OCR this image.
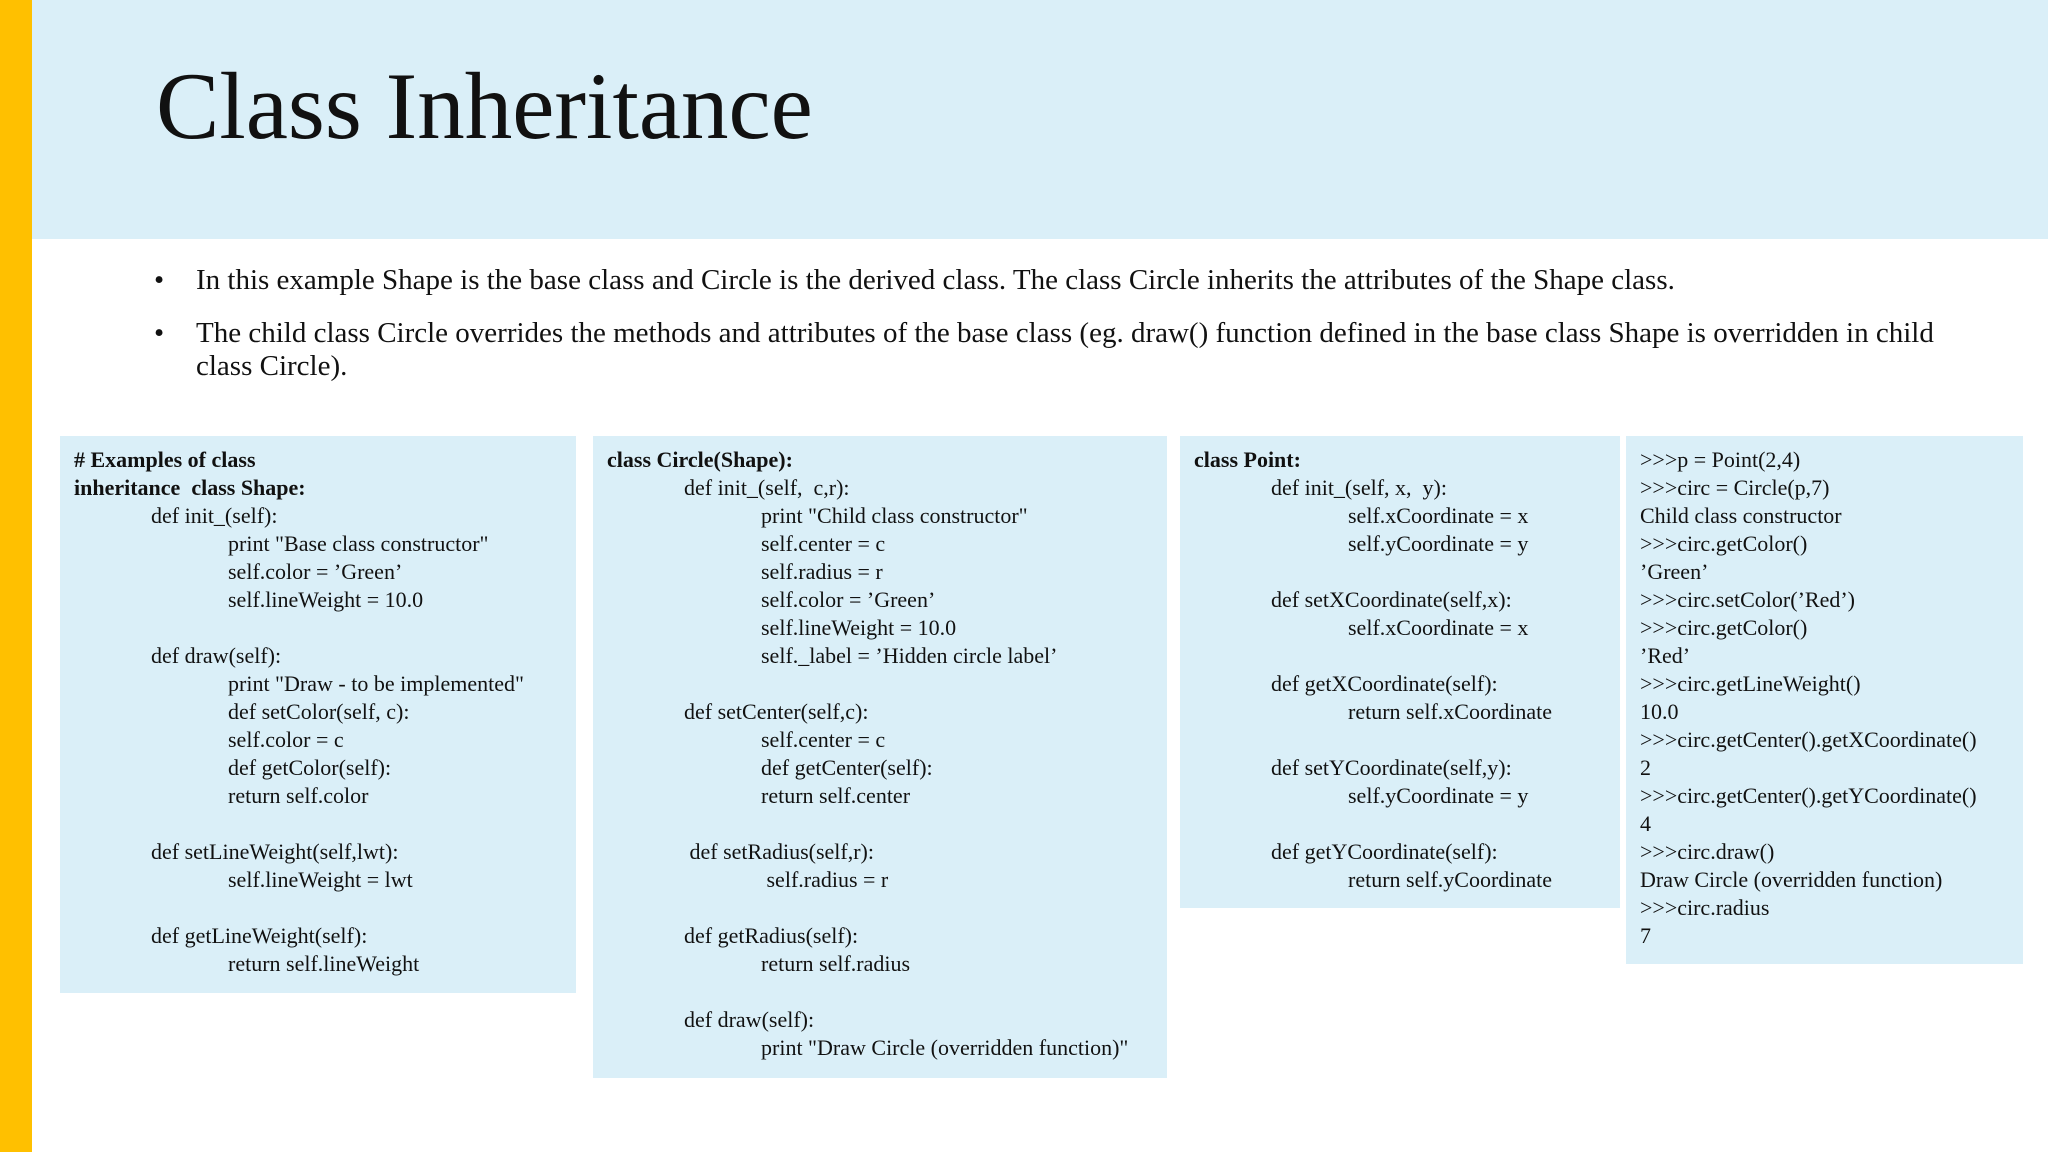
Class Inheritance
• In this example Shape is the base class and Circle is the derived class. The class Circle inherits the attributes of the Shape class.
• The child class Circle overrides the methods and attributes of the base class (eg. draw() function defined in the base class Shape is overridden in child class Circle).
# Examples of class
inheritance  class Shape:
def init_(self):
print "Base class constructor"
self.color = ’Green’
self.lineWeight = 10.0
def draw(self):
print "Draw - to be implemented"
def setColor(self, c):
self.color = c
def getColor(self):
return self.color
def setLineWeight(self,lwt):
self.lineWeight = lwt
def getLineWeight(self):
return self.lineWeight
class Circle(Shape):
def init_(self,  c,r):
print "Child class constructor"
self.center = c
self.radius = r
self.color = ’Green’
self.lineWeight = 10.0
self._label = ’Hidden circle label’
def setCenter(self,c):
self.center = c
def getCenter(self):
return self.center
def setRadius(self,r):
self.radius = r
def getRadius(self):
return self.radius
def draw(self):
print "Draw Circle (overridden function)"
class Point:
def init_(self, x,  y):
self.xCoordinate = x
self.yCoordinate = y
def setXCoordinate(self,x):
self.xCoordinate = x
def getXCoordinate(self):
return self.xCoordinate
def setYCoordinate(self,y):
self.yCoordinate = y
def getYCoordinate(self):
return self.yCoordinate
>>>p = Point(2,4)
>>>circ = Circle(p,7)
Child class constructor
>>>circ.getColor()
’Green’
>>>circ.setColor(’Red’)
>>>circ.getColor()
’Red’
>>>circ.getLineWeight()
10.0
>>>circ.getCenter().getXCoordinate()
2
>>>circ.getCenter().getYCoordinate()
4
>>>circ.draw()
Draw Circle (overridden function)
>>>circ.radius
7
